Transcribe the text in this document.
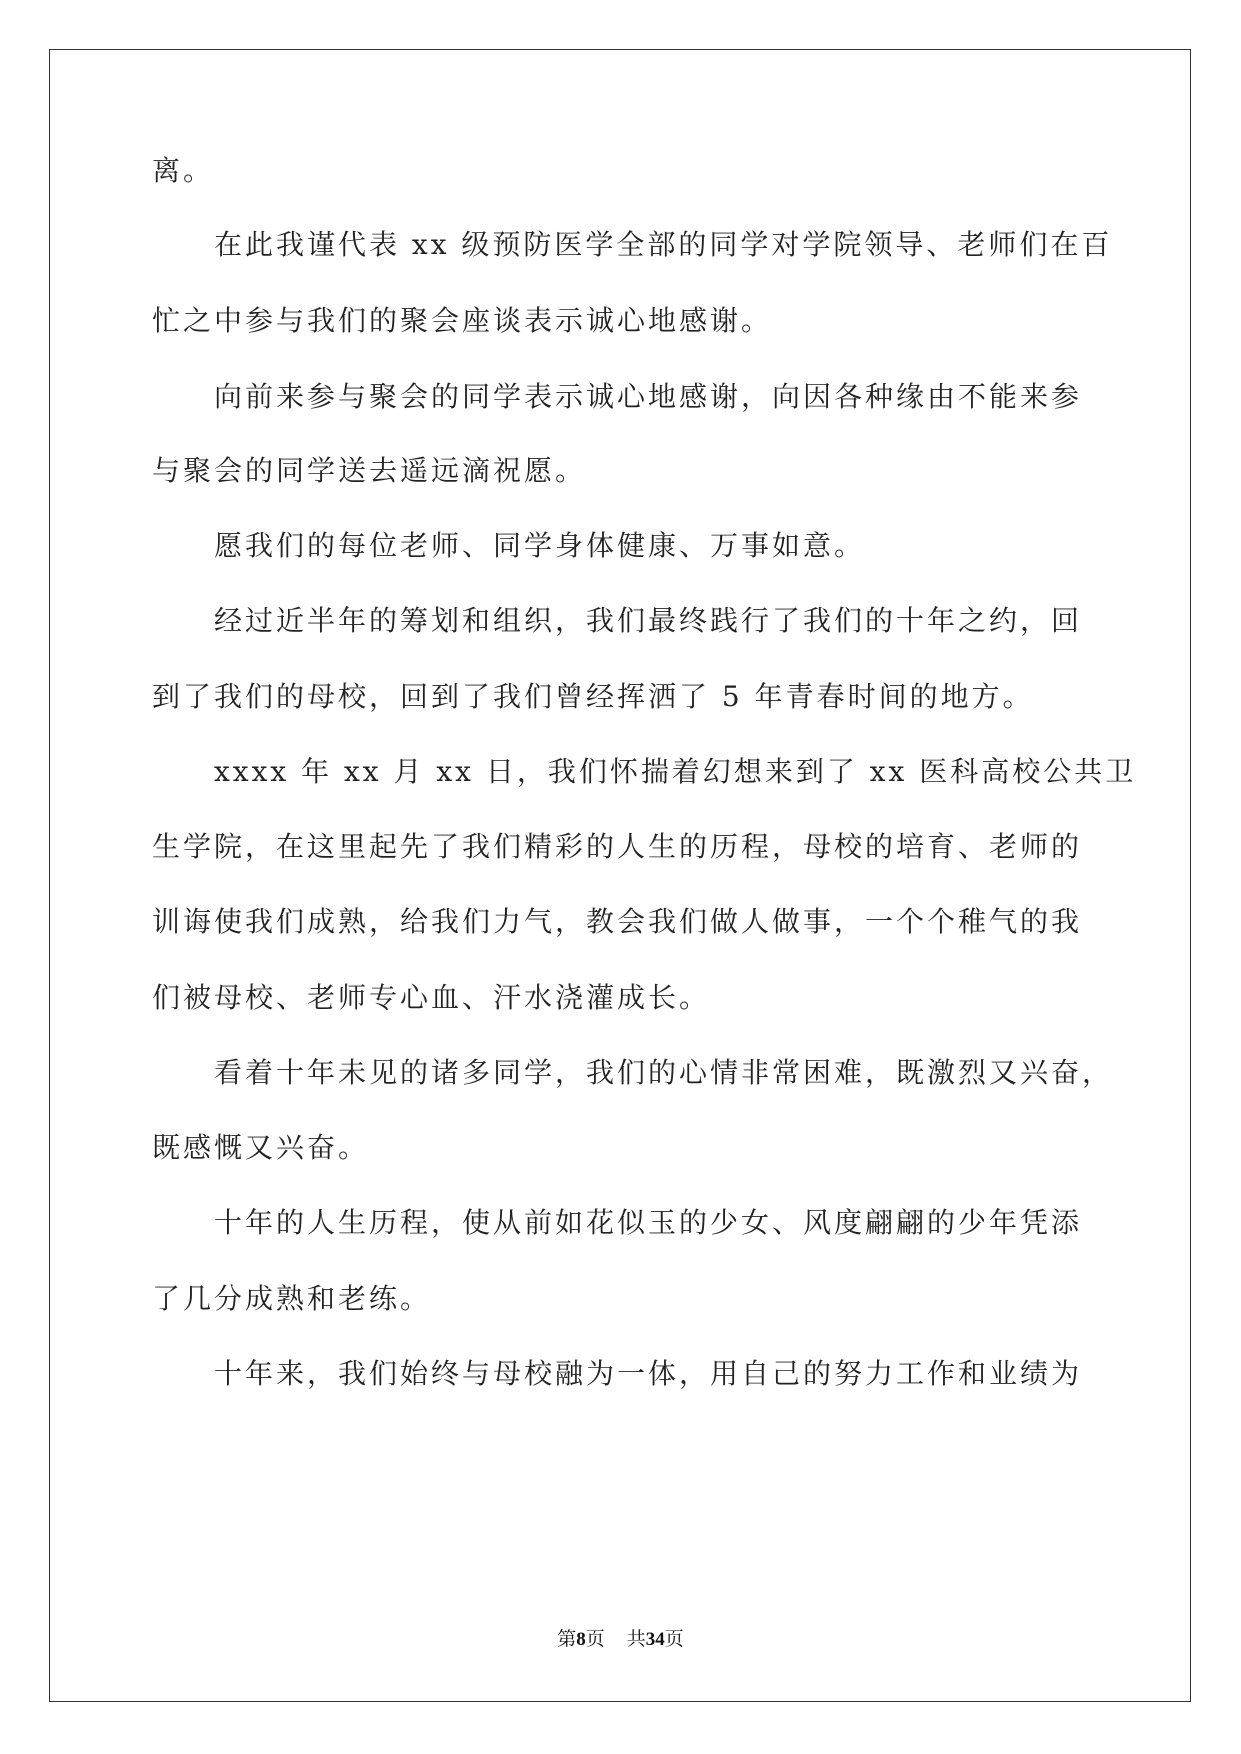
离。
在此我谨代表 xx 级预防医学全部的同学对学院领导、老师们在百
忙之中参与我们的聚会座谈表示诚心地感谢。
向前来参与聚会的同学表示诚心地感谢，向因各种缘由不能来参
与聚会的同学送去遥远滴祝愿。
愿我们的每位老师、同学身体健康、万事如意。
经过近半年的筹划和组织，我们最终践行了我们的十年之约，回
到了我们的母校，回到了我们曾经挥洒了 5 年青春时间的地方。
xxxx 年 xx 月 xx 日，我们怀揣着幻想来到了 xx 医科高校公共卫
生学院，在这里起先了我们精彩的人生的历程，母校的培育、老师的
训诲使我们成熟，给我们力气，教会我们做人做事，一个个稚气的我
们被母校、老师专心血、汗水浇灌成长。
看着十年未见的诸多同学，我们的心情非常困难，既激烈又兴奋，
既感慨又兴奋。
十年的人生历程，使从前如花似玉的少女、风度翩翩的少年凭添
了几分成熟和老练。
十年来，我们始终与母校融为一体，用自己的努力工作和业绩为
第8页 共34页
